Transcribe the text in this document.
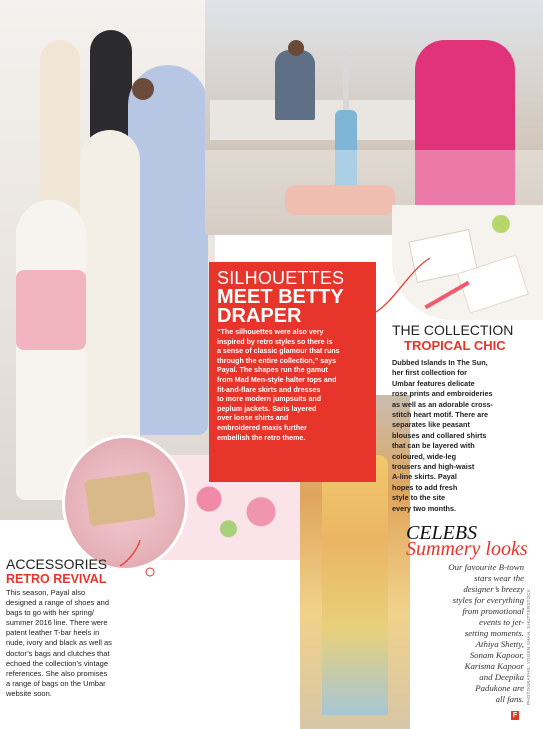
SILHOUETTES
MEET BETTY DRAPER
“The silhouettes were also very
inspired by retro styles so there is
a sense of classic glamour that runs
through the entire collection,” says
Payal. The shapes run the gamut
from Mad Men-style halter tops and
fit-and-flare skirts and dresses
to more modern jumpsuits and
peplum jackets. Saris layered
over loose shirts and
embroidered maxis further
embellish the retro theme.
THE COLLECTION
TROPICAL CHIC
Dubbed Islands In The Sun,
her first collection for
Umbar features delicate
rose prints and embroideries
as well as an adorable cross-
stitch heart motif. There are
separates like peasant
blouses and collared shirts
that can be layered with
coloured, wide-leg
trousers and high-waist
A-line skirts. Payal
hopes to add fresh
style to the site
every two months.
ACCESSORIES
RETRO REVIVAL
This season, Payal also
designed a range of shoes and
bags to go with her spring/
summer 2016 line. There were
patent leather T-bar heels in
nude, ivory and black as well as
doctor’s bags and clutches that
echoed the collection’s vintage
references. She also promises
a range of bags on the Umbar
website soon.
CELEBS
Summery looks
Our favourite B-town
stars wear the
designer’s breezy
styles for everything
from promotional
events to jet-
setting moments.
Athiya Shetty,
Sonam Kapoor,
Karisma Kapoor
and Deepika
Padukone are
all fans.
F
PHOTOGRAPHS: YOGEN SHAH, SHUTTERSTOCK
